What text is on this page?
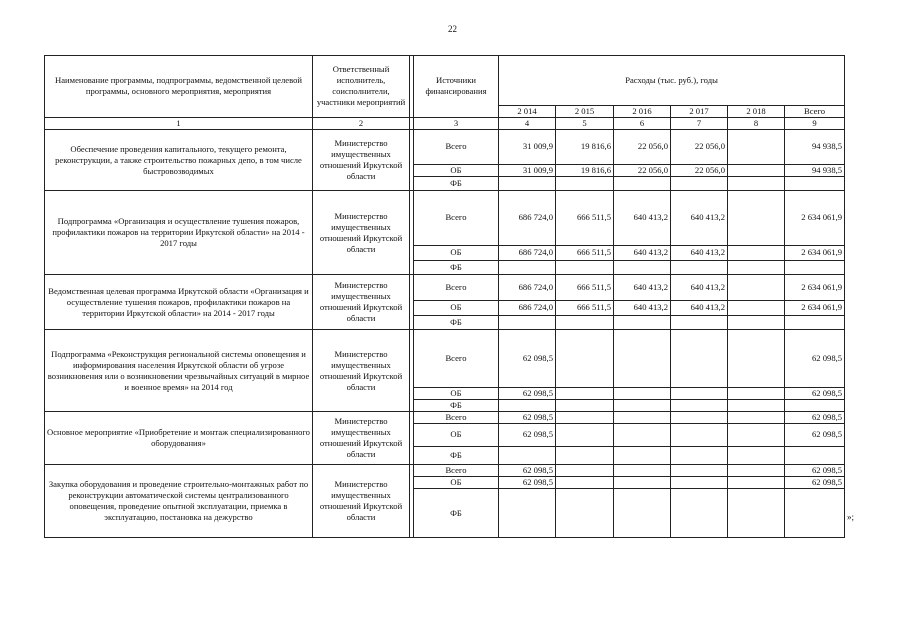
22
Наименование программы, подпрограммы, ведомственной целевой программы, основного мероприятия, мероприятия	Ответственный исполнитель, соисполнители, участники мероприятий		Источники финансирования	Расходы (тыс. руб.), годы					
				2 014	2 015	2 016	2 017	2 018	Всего
1	2		3	4	5	6	7	8	9
Обеспечение проведения капитального, текущего ремонта, реконструкции, а также строительство пожарных депо, в том числе быстровозводимых	Министерство имущественных отношений Иркутской области		Всего	31 009,9	19 816,6	22 056,0	22 056,0		94 938,5
			ОБ	31 009,9	19 816,6	22 056,0	22 056,0		94 938,5
			ФБ						
Подпрограмма «Организация и осуществление тушения пожаров, профилактики пожаров на территории Иркутской области» на 2014 - 2017 годы	Министерство имущественных отношений Иркутской области		Всего	686 724,0	666 511,5	640 413,2	640 413,2		2 634 061,9
			ОБ	686 724,0	666 511,5	640 413,2	640 413,2		2 634 061,9
			ФБ						
Ведомственная целевая программа Иркутской области «Организация и осуществление тушения пожаров, профилактики пожаров на территории Иркутской области» на 2014 - 2017 годы	Министерство имущественных отношений Иркутской области		Всего	686 724,0	666 511,5	640 413,2	640 413,2		2 634 061,9
			ОБ	686 724,0	666 511,5	640 413,2	640 413,2		2 634 061,9
			ФБ						
Подпрограмма «Реконструкция региональной системы оповещения и информирования населения Иркутской области об угрозе возникновения или о возникновении чрезвычайных ситуаций в мирное и военное время» на 2014 год	Министерство имущественных отношений Иркутской области		Всего	62 098,5					62 098,5
			ОБ	62 098,5					62 098,5
			ФБ						
Основное мероприятие «Приобретение и монтаж специализированного оборудования»	Министерство имущественных отношений Иркутской области		Всего	62 098,5					62 098,5
			ОБ	62 098,5					62 098,5
			ФБ						
Закупка оборудования и проведение строительно-монтажных работ по реконструкции автоматической системы централизованного оповещения, проведение опытной эксплуатации, приемка в эксплуатацию, постановка на дежурство	Министерство имущественных отношений Иркутской области		Всего	62 098,5					62 098,5
			ОБ	62 098,5					62 098,5
			ФБ							»;
